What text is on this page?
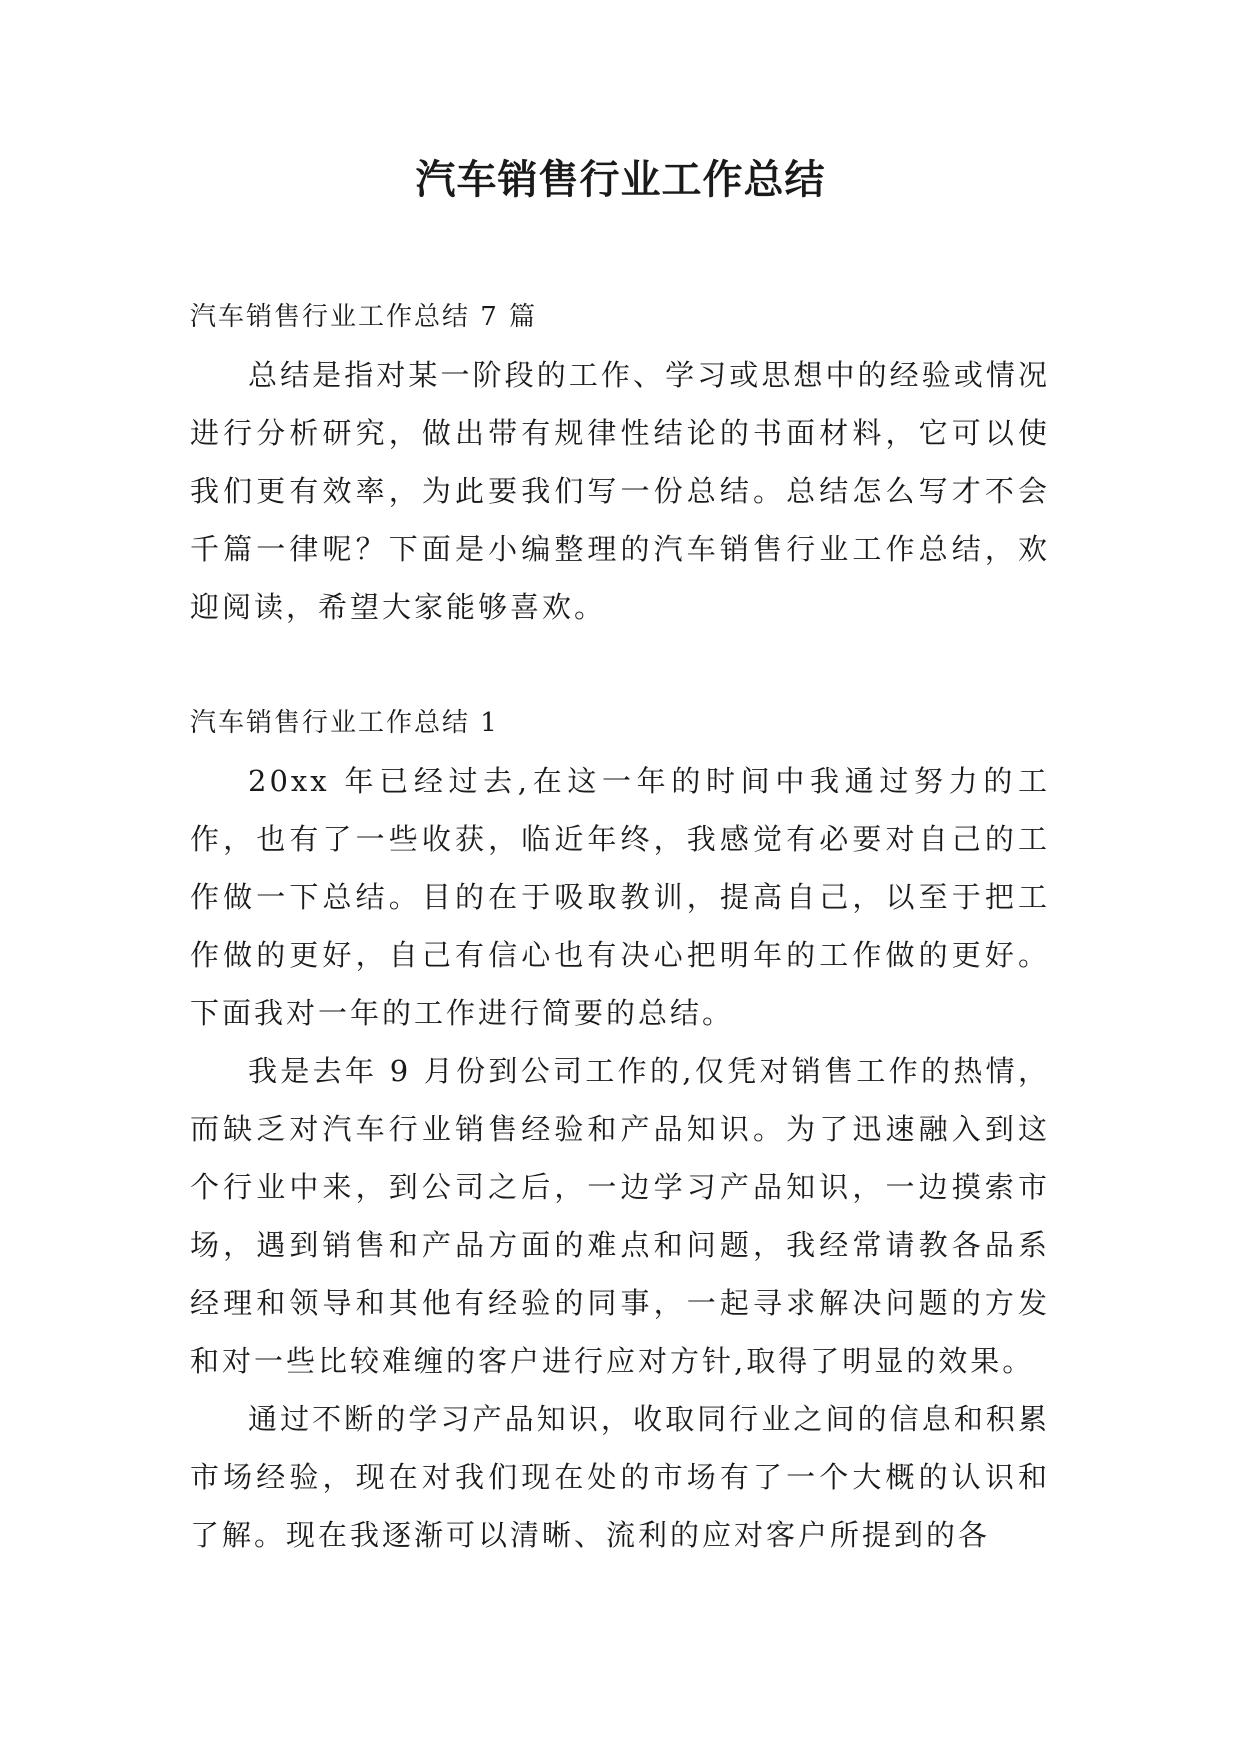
汽车销售行业工作总结

汽车销售行业工作总结 7 篇

总结是指对某一阶段的工作、学习或思想中的经验或情况进行分析研究，做出带有规律性结论的书面材料，它可以使我们更有效率，为此要我们写一份总结。总结怎么写才不会千篇一律呢？下面是小编整理的汽车销售行业工作总结，欢迎阅读，希望大家能够喜欢。

汽车销售行业工作总结 1

20xx 年已经过去,在这一年的时间中我通过努力的工作，也有了一些收获，临近年终，我感觉有必要对自己的工作做一下总结。目的在于吸取教训，提高自己，以至于把工作做的更好，自己有信心也有决心把明年的工作做的更好。下面我对一年的工作进行简要的总结。

我是去年 9 月份到公司工作的,仅凭对销售工作的热情，而缺乏对汽车行业销售经验和产品知识。为了迅速融入到这个行业中来，到公司之后，一边学习产品知识，一边摸索市场，遇到销售和产品方面的难点和问题，我经常请教各品系经理和领导和其他有经验的同事，一起寻求解决问题的方发和对一些比较难缠的客户进行应对方针,取得了明显的效果。

通过不断的学习产品知识，收取同行业之间的信息和积累市场经验，现在对我们现在处的市场有了一个大概的认识和了解。现在我逐渐可以清晰、流利的应对客户所提到的各
